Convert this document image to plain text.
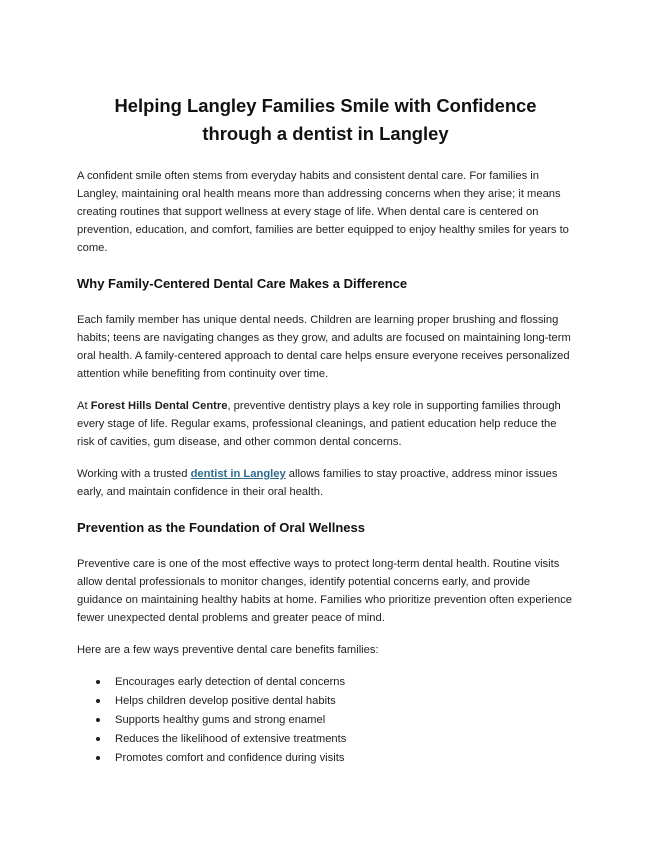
Helping Langley Families Smile with Confidence
through a dentist in Langley

A confident smile often stems from everyday habits and consistent dental care. For families in Langley, maintaining oral health means more than addressing concerns when they arise; it means creating routines that support wellness at every stage of life. When dental care is centered on prevention, education, and comfort, families are better equipped to enjoy healthy smiles for years to come.

Why Family-Centered Dental Care Makes a Difference

Each family member has unique dental needs. Children are learning proper brushing and flossing habits; teens are navigating changes as they grow, and adults are focused on maintaining long-term oral health. A family-centered approach to dental care helps ensure everyone receives personalized attention while benefiting from continuity over time.

At Forest Hills Dental Centre, preventive dentistry plays a key role in supporting families through every stage of life. Regular exams, professional cleanings, and patient education help reduce the risk of cavities, gum disease, and other common dental concerns.

Working with a trusted dentist in Langley allows families to stay proactive, address minor issues early, and maintain confidence in their oral health.

Prevention as the Foundation of Oral Wellness

Preventive care is one of the most effective ways to protect long-term dental health. Routine visits allow dental professionals to monitor changes, identify potential concerns early, and provide guidance on maintaining healthy habits at home. Families who prioritize prevention often experience fewer unexpected dental problems and greater peace of mind.

Here are a few ways preventive dental care benefits families:

Encourages early detection of dental concerns
Helps children develop positive dental habits
Supports healthy gums and strong enamel
Reduces the likelihood of extensive treatments
Promotes comfort and confidence during visits
